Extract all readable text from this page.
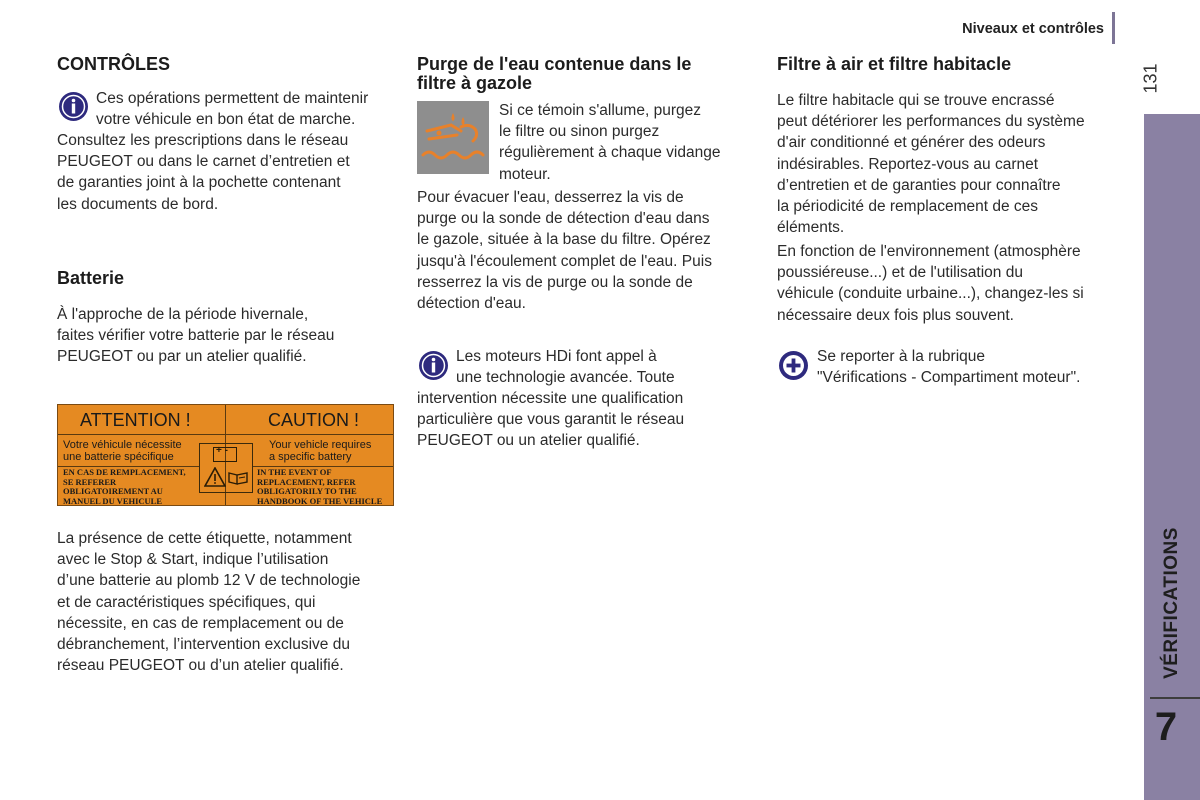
Niveaux et contrôles
131
VÉRIFICATIONS
7
CONTRÔLES
Ces opérations permettent de maintenir
votre véhicule en bon état de marche.
Consultez les prescriptions dans le réseau
PEUGEOT ou dans le carnet d’entretien et
de garanties joint à la pochette contenant
les documents de bord.
Batterie
À l'approche de la période hivernale,
faites vérifier votre batterie par le réseau
PEUGEOT ou par un atelier qualifié.
ATTENTION !	CAUTION !
Votre véhicule nécessite
une batterie spécifique
Your vehicle requires
a specific battery
EN CAS DE REMPLACEMENT,
SE REFERER
OBLIGATOIREMENT AU
MANUEL DU VEHICULE
IN THE EVENT OF
REPLACEMENT, REFER
OBLIGATORILY TO THE
HANDBOOK OF THE VEHICLE
+ -
La présence de cette étiquette, notamment
avec le Stop & Start, indique l’utilisation
d’une batterie au plomb 12 V de technologie
et de caractéristiques spécifiques, qui
nécessite, en cas de remplacement ou de
débranchement, l’intervention exclusive du
réseau PEUGEOT ou d’un atelier qualifié.
Purge de l'eau contenue dans le
filtre à gazole
Si ce témoin s'allume, purgez
le filtre ou sinon purgez
régulièrement à chaque vidange
moteur.
Pour évacuer l'eau, desserrez la vis de
purge ou la sonde de détection d'eau dans
le gazole, située à la base du filtre. Opérez
jusqu'à l'écoulement complet de l'eau. Puis
resserrez la vis de purge ou la sonde de
détection d'eau.
Les moteurs HDi font appel à
une technologie avancée. Toute
intervention nécessite une qualification
particulière que vous garantit le réseau
PEUGEOT ou un atelier qualifié.
Filtre à air et filtre habitacle
Le filtre habitacle qui se trouve encrassé
peut détériorer les performances du système
d'air conditionné et générer des odeurs
indésirables. Reportez-vous au carnet
d’entretien et de garanties pour connaître
la périodicité de remplacement de ces
éléments.
En fonction de l'environnement (atmosphère
poussiéreuse...) et de l'utilisation du
véhicule (conduite urbaine...), changez-les si
nécessaire deux fois plus souvent.
Se reporter à la rubrique
"Vérifications - Compartiment moteur".
